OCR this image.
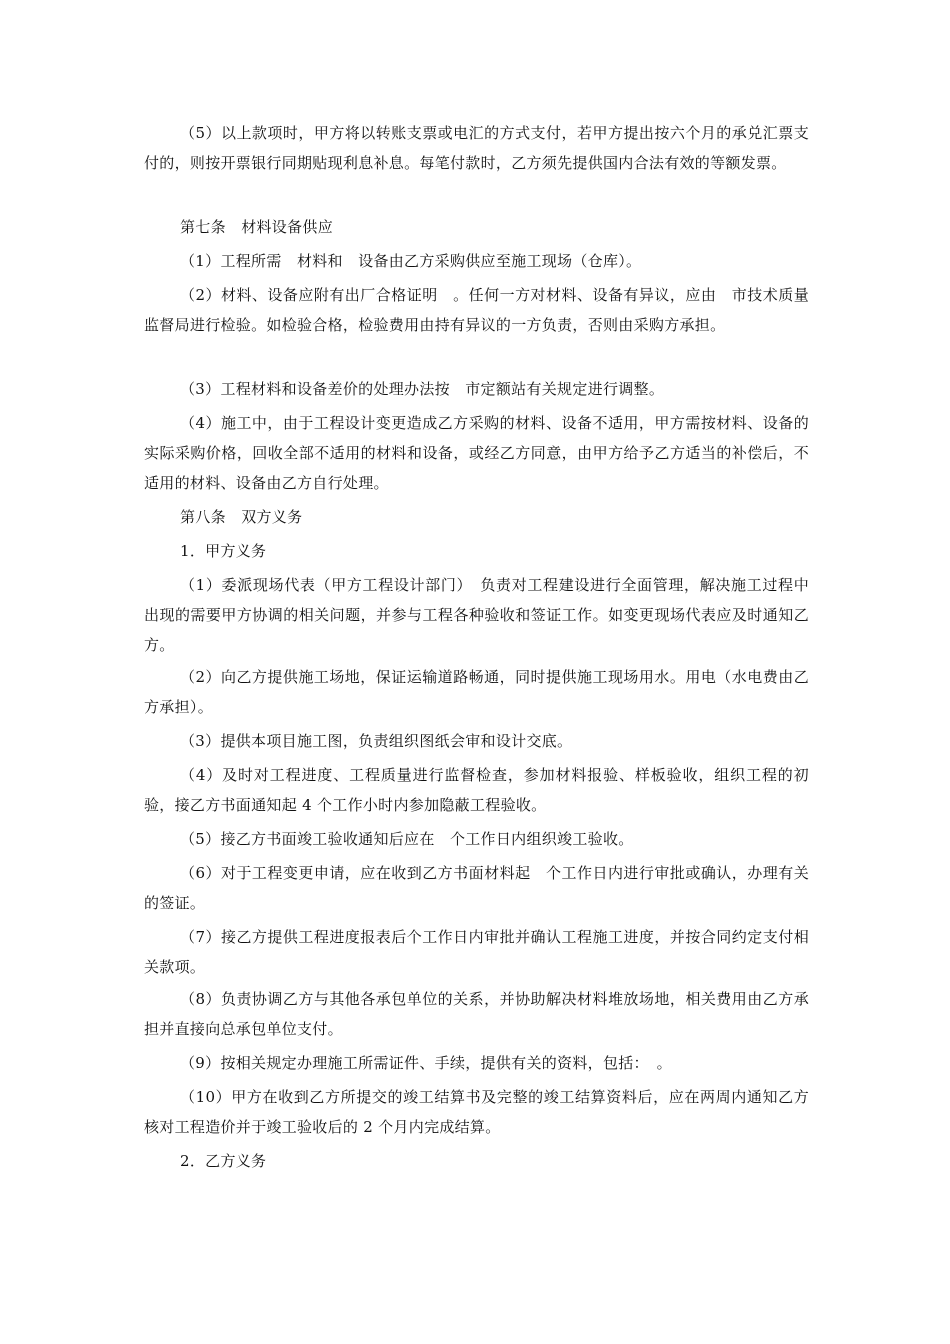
（5）以上款项时，甲方将以转账支票或电汇的方式支付，若甲方提出按六个月的承兑汇票支付的，则按开票银行同期贴现利息补息。每笔付款时，乙方须先提供国内合法有效的等额发票。

第七条　材料设备供应

（1）工程所需　材料和　设备由乙方采购供应至施工现场（仓库）。

（2）材料、设备应附有出厂合格证明　。任何一方对材料、设备有异议，应由　市技术质量监督局进行检验。如检验合格，检验费用由持有异议的一方负责，否则由采购方承担。

（3）工程材料和设备差价的处理办法按　市定额站有关规定进行调整。

（4）施工中，由于工程设计变更造成乙方采购的材料、设备不适用，甲方需按材料、设备的实际采购价格，回收全部不适用的材料和设备，或经乙方同意，由甲方给予乙方适当的补偿后，不适用的材料、设备由乙方自行处理。

第八条　双方义务

1．甲方义务

（1）委派现场代表（甲方工程设计部门）　负责对工程建设进行全面管理，解决施工过程中出现的需要甲方协调的相关问题，并参与工程各种验收和签证工作。如变更现场代表应及时通知乙方。

（2）向乙方提供施工场地，保证运输道路畅通，同时提供施工现场用水。用电（水电费由乙方承担）。

（3）提供本项目施工图，负责组织图纸会审和设计交底。

（4）及时对工程进度、工程质量进行监督检查，参加材料报验、样板验收，组织工程的初验，接乙方书面通知起 4 个工作小时内参加隐蔽工程验收。

（5）接乙方书面竣工验收通知后应在　个工作日内组织竣工验收。

（6）对于工程变更申请，应在收到乙方书面材料起　个工作日内进行审批或确认，办理有关的签证。

（7）接乙方提供工程进度报表后个工作日内审批并确认工程施工进度，并按合同约定支付相关款项。

（8）负责协调乙方与其他各承包单位的关系，并协助解决材料堆放场地，相关费用由乙方承担并直接向总承包单位支付。

（9）按相关规定办理施工所需证件、手续，提供有关的资料，包括：　。

（10）甲方在收到乙方所提交的竣工结算书及完整的竣工结算资料后，应在两周内通知乙方核对工程造价并于竣工验收后的 2 个月内完成结算。

2．乙方义务
